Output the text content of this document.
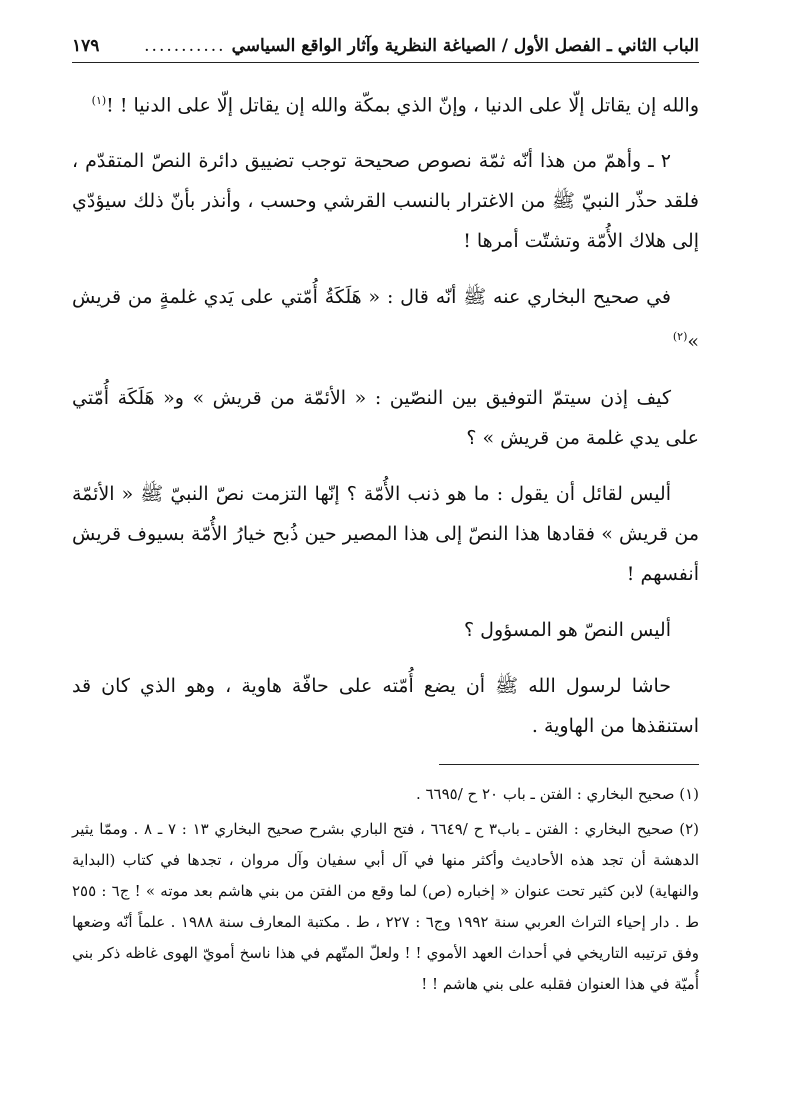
الباب الثاني ـ الفصل الأول / الصياغة النظرية وآثار الواقع السياسي
...........
١٧٩

والله إن يقاتل إلّا على الدنيا ، وإنّ الذي بمكّة والله إن يقاتل إلّا على الدنيا ! !$^{(١)}$

٢ ـ وأهمّ من هذا أنّه ثمّة نصوص صحيحة توجب تضييق دائرة النصّ المتقدّم ، فلقد حذّر النبيّ ﷺ من الاغترار بالنسب القرشي وحسب ، وأنذر بأنّ ذلك سيؤدّي إلى هلاك الأُمّة وتشتّت أمرها !

في صحيح البخاري عنه ﷺ أنّه قال : « هَلَكَةُ أُمّتي على يَدي غلمةٍ من قريش »$^{(٢)}$

كيف إذن سيتمّ التوفيق بين النصّين : « الأئمّة من قريش » و« هَلَكَة أُمّتي على يدي غلمة من قريش » ؟

أليس لقائل أن يقول : ما هو ذنب الأُمّة ؟ إنّها التزمت نصّ النبيّ ﷺ « الأئمّة من قريش » فقادها هذا النصّ إلى هذا المصير حين ذُبح خيارُ الأُمّة بسيوف قريش أنفسهم !

أليس النصّ هو المسؤول ؟

حاشا لرسول الله ﷺ أن يضع أُمّته على حافّة هاوية ، وهو الذي كان قد استنقذها من الهاوية .

(١) صحيح البخاري : الفتن ـ باب ٢٠ ح /٦٦٩٥ .

(٢) صحيح البخاري : الفتن ـ باب٣ ح /٦٦٤٩ ، فتح الباري بشرح صحيح البخاري ١٣ : ٧ ـ ٨ . وممّا يثير الدهشة أن تجد هذه الأحاديث وأكثر منها في آل أبي سفيان وآل مروان ، تجدها في كتاب (البداية والنهاية) لابن كثير تحت عنوان « إخباره (ص) لما وقع من الفتن من بني هاشم بعد موته » ! ج٦ : ٢٥٥ ط . دار إحياء التراث العربي سنة ١٩٩٢ وج٦ : ٢٢٧ ، ط . مكتبة المعارف سنة ١٩٨٨ . علماً أنّه وضعها وفق ترتيبه التاريخي في أحداث العهد الأموي ! ! ولعلّ المتّهم في هذا ناسخ أمويّ الهوى غاظه ذكر بني أُميّة في هذا العنوان فقلبه على بني هاشم ! !
